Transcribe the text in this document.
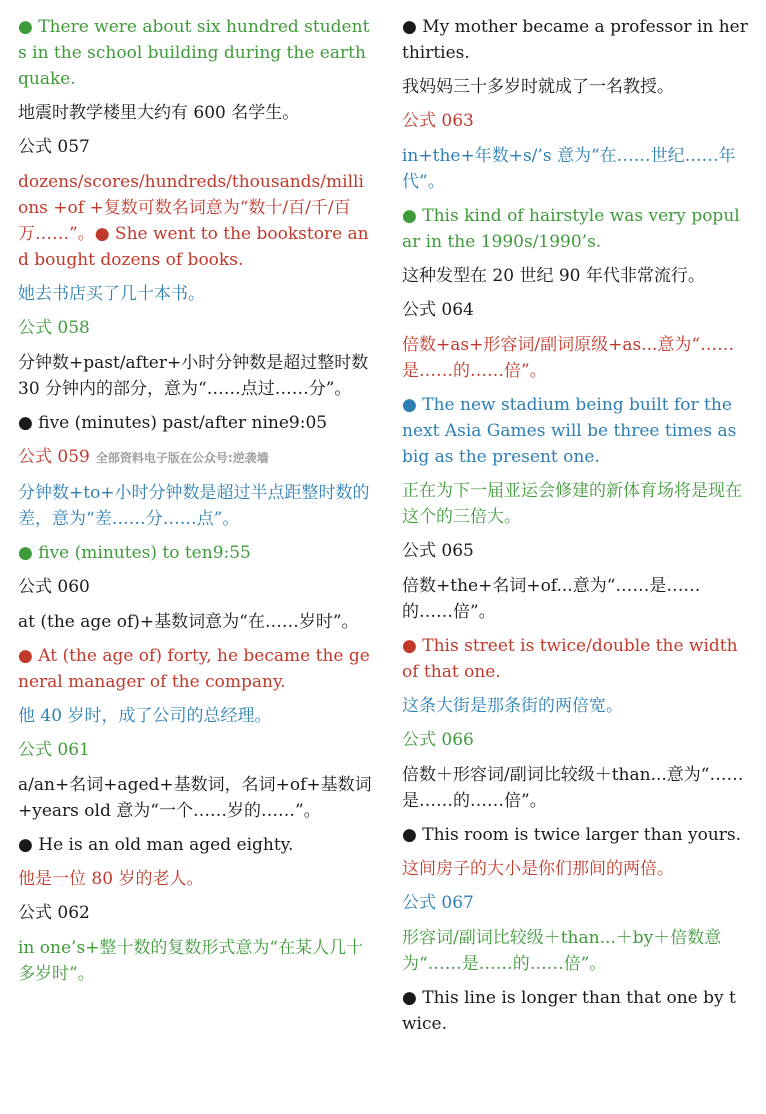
● There were about six hundred students in the school building during the earthquake.

地震时教学楼里大约有 600 名学生。

公式 057

dozens/scores/hundreds/thousands/millions +of +复数可数名词意为“数十/百/千/百万……”。● She went to the bookstore and bought dozens of books.

她去书店买了几十本书。

公式 058

分钟数+past/after+小时分钟数是超过整时数 30 分钟内的部分，意为“……点过……分”。

● five (minutes) past/after nine9:05

公式 059 全部资料电子版在公众号:逆袭墙

分钟数+to+小时分钟数是超过半点距整时数的差，意为“差……分……点”。

● five (minutes) to ten9:55

公式 060

at (the age of)+基数词意为“在……岁时”。

● At (the age of) forty, he became the general manager of the company.

他 40 岁时，成了公司的总经理。

公式 061

a/an+名词+aged+基数词，名词+of+基数词+years old 意为“一个……岁的……”。

● He is an old man aged eighty.

他是一位 80 岁的老人。

公式 062

in one’s+整十数的复数形式意为“在某人几十多岁时”。

● My mother became a professor in her thirties.

我妈妈三十多岁时就成了一名教授。

公式 063

in+the+年数+s/’s 意为“在……世纪……年代”。

● This kind of hairstyle was very popular in the 1990s/1990’s.

这种发型在 20 世纪 90 年代非常流行。

公式 064

倍数+as+形容词/副词原级+as...意为“……是……的……倍”。

● The new stadium being built for the next Asia Games will be three times as big as the present one.

正在为下一届亚运会修建的新体育场将是现在这个的三倍大。

公式 065

倍数+the+名词+of...意为“……是……的……倍”。

● This street is twice/double the width of that one.

这条大街是那条街的两倍宽。

公式 066

倍数＋形容词/副词比较级＋than...意为“……是……的……倍”。

● This room is twice larger than yours.

这间房子的大小是你们那间的两倍。

公式 067

形容词/副词比较级＋than...＋by＋倍数意为“……是……的……倍”。

● This line is longer than that one by twice.
